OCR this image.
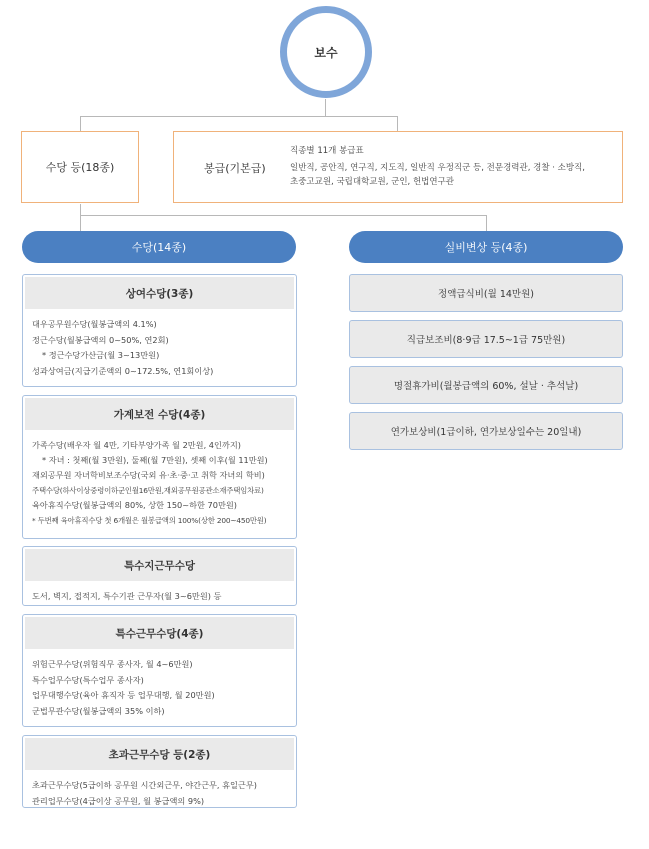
보수
수당 등(18종)	봉급(기본급)
직종별 11개 봉급표
일반직, 공안직, 연구직, 지도직, 일반직 우정직군 등, 전문경력관, 경찰 · 소방직,
초중고교원, 국립대학교원, 군인, 헌법연구관
수당(14종)	실비변상 등(4종)
상여수당(3종)
대우공무원수당(월봉급액의 4.1%)
정근수당(월봉급액의 0~50%, 연2회)
* 정근수당가산금(월 3~13만원)
성과상여금(지급기준액의 0~172.5%, 연1회이상)
가계보전 수당(4종)
가족수당(배우자 월 4만, 기타부양가족 월 2만원, 4인까지)
* 자녀 : 첫째(월 3만원), 둘째(월 7만원), 셋째 이후(월 11만원)
재외공무원 자녀학비보조수당(국외 유·초·중·고 취학 자녀의 학비)
주택수당(하사이상중령이하군인월16만원,재외공무원공관소재주택임차료)
육아휴직수당(월봉급액의 80%, 상한 150~하한 70만원)
* 두번째 육아휴직수당 첫 6개월은 월봉급액의 100%(상한 200~450만원)
특수지근무수당
도서, 벽지, 접적지, 특수기관 근무자(월 3~6만원) 등
특수근무수당(4종)
위험근무수당(위험직무 종사자, 월 4~6만원)
특수업무수당(특수업무 종사자)
업무대행수당(육아 휴직자 등 업무대행, 월 20만원)
군법무관수당(월봉급액의 35% 이하)
초과근무수당 등(2종)
초과근무수당(5급이하 공무원 시간외근무, 야간근무, 휴일근무)
관리업무수당(4급이상 공무원, 월 봉급액의 9%)
정액급식비(월 14만원)
직급보조비(8·9급 17.5~1급 75만원)
명절휴가비(월봉급액의 60%, 설날 · 추석날)
연가보상비(1급이하, 연가보상일수는 20일내)
